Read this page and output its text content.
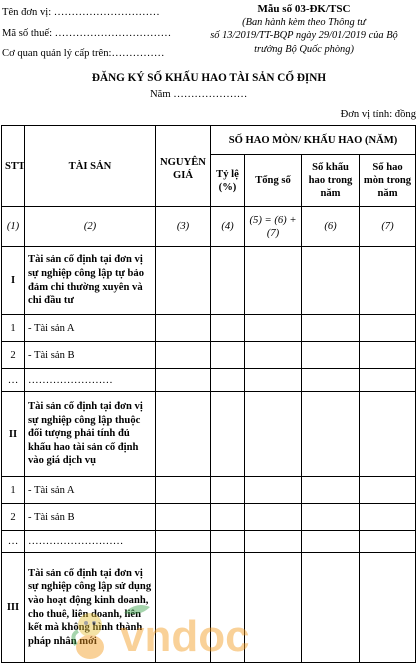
Tên đơn vị: …………………………
Mã số thuế: ……………………………
Cơ quan quản lý cấp trên:……………
Mẫu số 03-ĐK/TSC
(Ban hành kèm theo Thông tư
số 13/2019/TT-BQP ngày 29/01/2019 của Bộ
trưởng Bộ Quốc phòng)
ĐĂNG KÝ SỐ KHẤU HAO TÀI SẢN CỐ ĐỊNH
Năm …………………
Đơn vị tính: đồng
STT	TÀI SẢN	NGUYÊN GIÁ	SỐ HAO MÒN/ KHẤU HAO (NĂM)			
			Tỷ lệ (%)	Tổng số	Số khấu hao trong năm	Số hao mòn trong năm
(1)	(2)	(3)	(4)	(5) = (6) + (7)	(6)	(7)
I	Tài sản cố định tại đơn vị sự nghiệp công lập tự bảo đảm chi thường xuyên và chi đầu tư					
1	- Tài sản A					
2	- Tài sản B					
…	……………………					
II	Tài sản cố định tại đơn vị sự nghiệp công lập thuộc đối tượng phải tính đủ khấu hao tài sản cố định vào giá dịch vụ					
1	- Tài sản A					
2	- Tài sản B					
…	………………………					
III	Tài sản cố định tại đơn vị sự nghiệp công lập sử dụng vào hoạt động kinh doanh, cho thuê, liên doanh, liên kết mà không hình thành pháp nhân mới					vndoc
